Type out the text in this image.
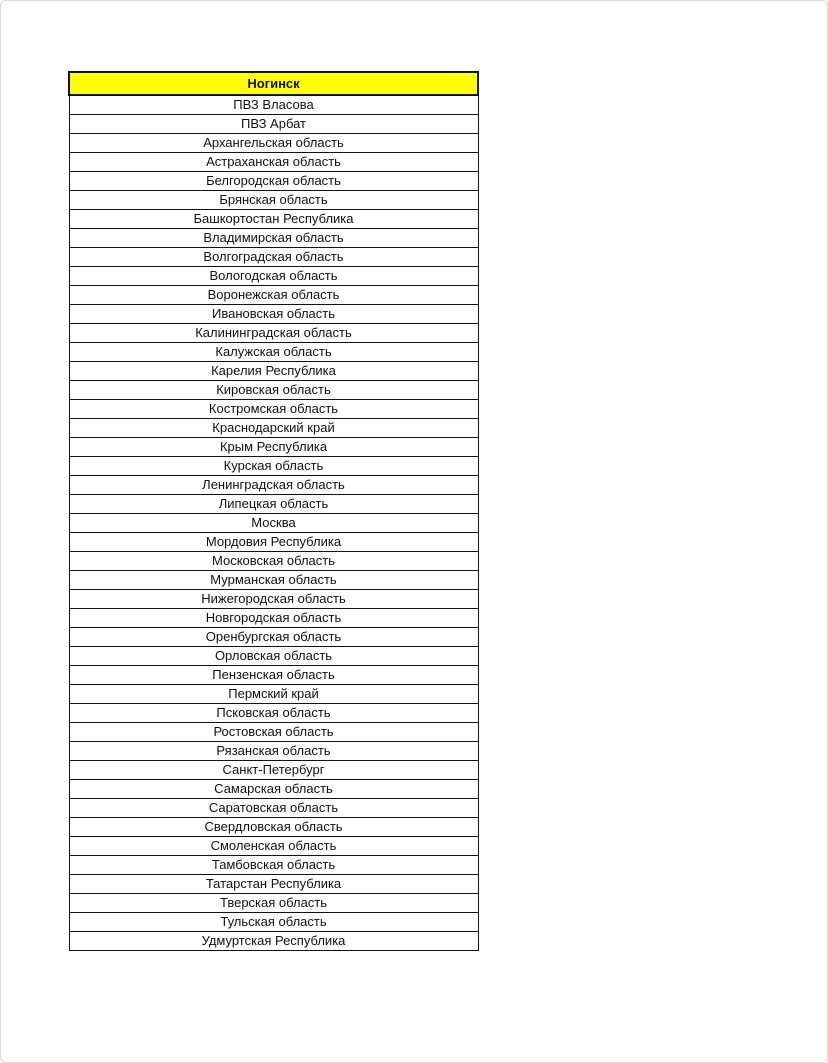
Ногинск
ПВЗ Власова
ПВЗ Арбат
Архангельская область
Астраханская область
Белгородская область
Брянская область
Башкортостан Республика
Владимирская область
Волгоградская область
Вологодская область
Воронежская область
Ивановская область
Калининградская область
Калужская область
Карелия Республика
Кировская область
Костромская область
Краснодарский край
Крым Республика
Курская область
Ленинградская область
Липецкая область
Москва
Мордовия Республика
Московская область
Мурманская область
Нижегородская область
Новгородская область
Оренбургская область
Орловская область
Пензенская область
Пермский край
Псковская область
Ростовская область
Рязанская область
Санкт-Петербург
Самарская область
Саратовская область
Свердловская область
Смоленская область
Тамбовская область
Татарстан Республика
Тверская область
Тульская область
Удмуртская Республика
